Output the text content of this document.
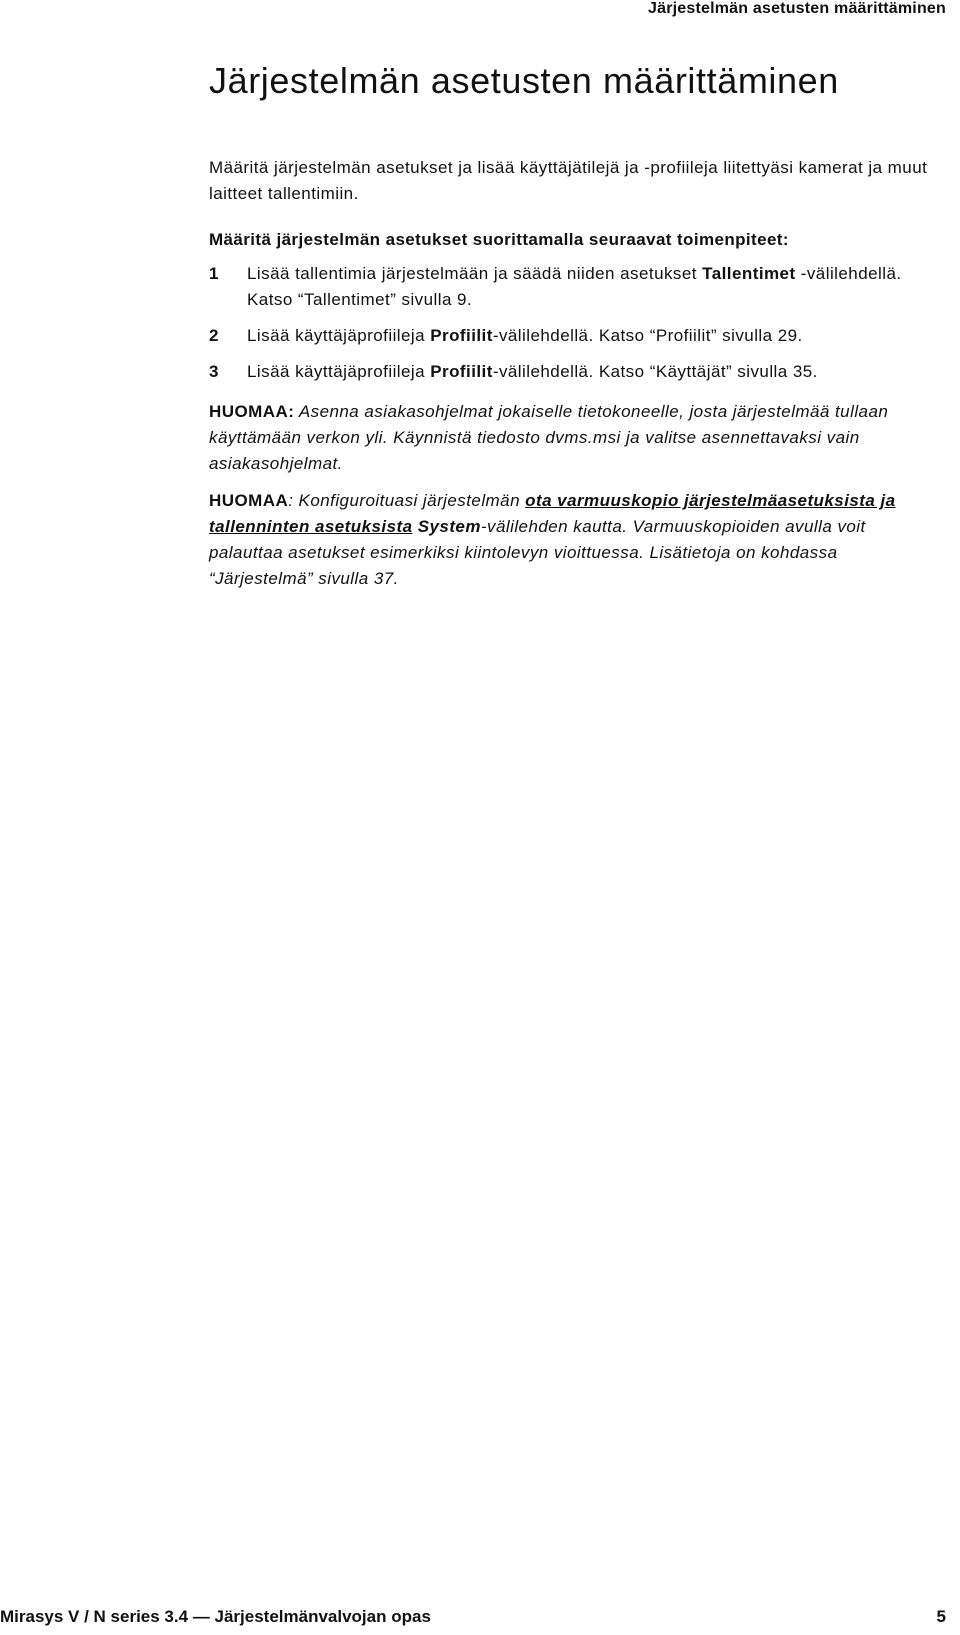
Järjestelmän asetusten määrittäminen
Järjestelmän asetusten määrittäminen

Määritä järjestelmän asetukset ja lisää käyttäjätilejä ja -profiileja liitettyäsi kamerat ja muut laitteet tallentimiin.

Määritä järjestelmän asetukset suorittamalla seuraavat toimenpiteet:

1 Lisää tallentimia järjestelmään ja säädä niiden asetukset Tallentimet -välilehdellä. Katso “Tallentimet” sivulla 9.
2 Lisää käyttäjäprofiileja Profiilit-välilehdellä. Katso “Profiilit” sivulla 29.
3 Lisää käyttäjäprofiileja Profiilit-välilehdellä. Katso “Käyttäjät” sivulla 35.

HUOMAA: Asenna asiakasohjelmat jokaiselle tietokoneelle, josta järjestelmää tullaan käyttämään verkon yli. Käynnistä tiedosto dvms.msi ja valitse asennettavaksi vain asiakasohjelmat.

HUOMAA: Konfiguroituasi järjestelmän ota varmuuskopio järjestelmäasetuksista ja tallenninten asetuksista System-välilehden kautta. Varmuuskopioiden avulla voit palauttaa asetukset esimerkiksi kiintolevyn vioittuessa. Lisätietoja on kohdassa “Järjestelmä” sivulla 37.

Mirasys V / N series 3.4 — Järjestelmänvalvojan opas	5
